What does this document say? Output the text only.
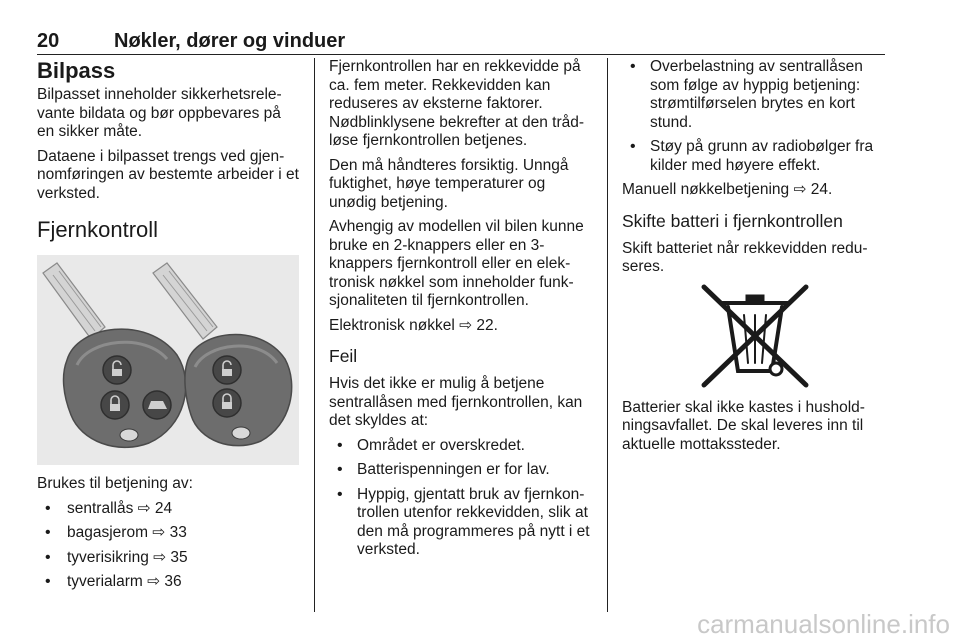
20	Nøkler, dører og vinduer
Bilpass

Bilpasset inneholder sikkerhetsrelevante bildata og bør oppbevares på en sikker måte.

Dataene i bilpasset trengs ved gjennomføringen av bestemte arbeider i et verksted.

Fjernkontroll

Brukes til betjening av:

• sentrallås ⇨ 24
• bagasjerom ⇨ 33
• tyverisikring ⇨ 35
• tyverialarm ⇨ 36

Fjernkontrollen har en rekkevidde på ca. fem meter. Rekkevidden kan reduseres av eksterne faktorer. Nødblinklysene bekrefter at den trådløse fjernkontrollen betjenes.

Den må håndteres forsiktig. Unngå fuktighet, høye temperaturer og unødig betjening.

Avhengig av modellen vil bilen kunne bruke en 2-knappers eller en 3-knappers fjernkontroll eller en elektronisk nøkkel som inneholder funksjonaliteten til fjernkontrollen.

Elektronisk nøkkel ⇨ 22.

Feil

Hvis det ikke er mulig å betjene sentrallåsen med fjernkontrollen, kan det skyldes at:

• Området er overskredet.
• Batterispenningen er for lav.
• Hyppig, gjentatt bruk av fjernkontrollen utenfor rekkevidden, slik at den må programmeres på nytt i et verksted.
• Overbelastning av sentrallåsen som følge av hyppig betjening: strømtilførselen brytes en kort stund.
• Støy på grunn av radiobølger fra kilder med høyere effekt.

Manuell nøkkelbetjening ⇨ 24.

Skifte batteri i fjernkontrollen

Skift batteriet når rekkevidden reduseres.

Batterier skal ikke kastes i husholdningsavfallet. De skal leveres inn til aktuelle mottakssteder.

carmanualsonline.info
